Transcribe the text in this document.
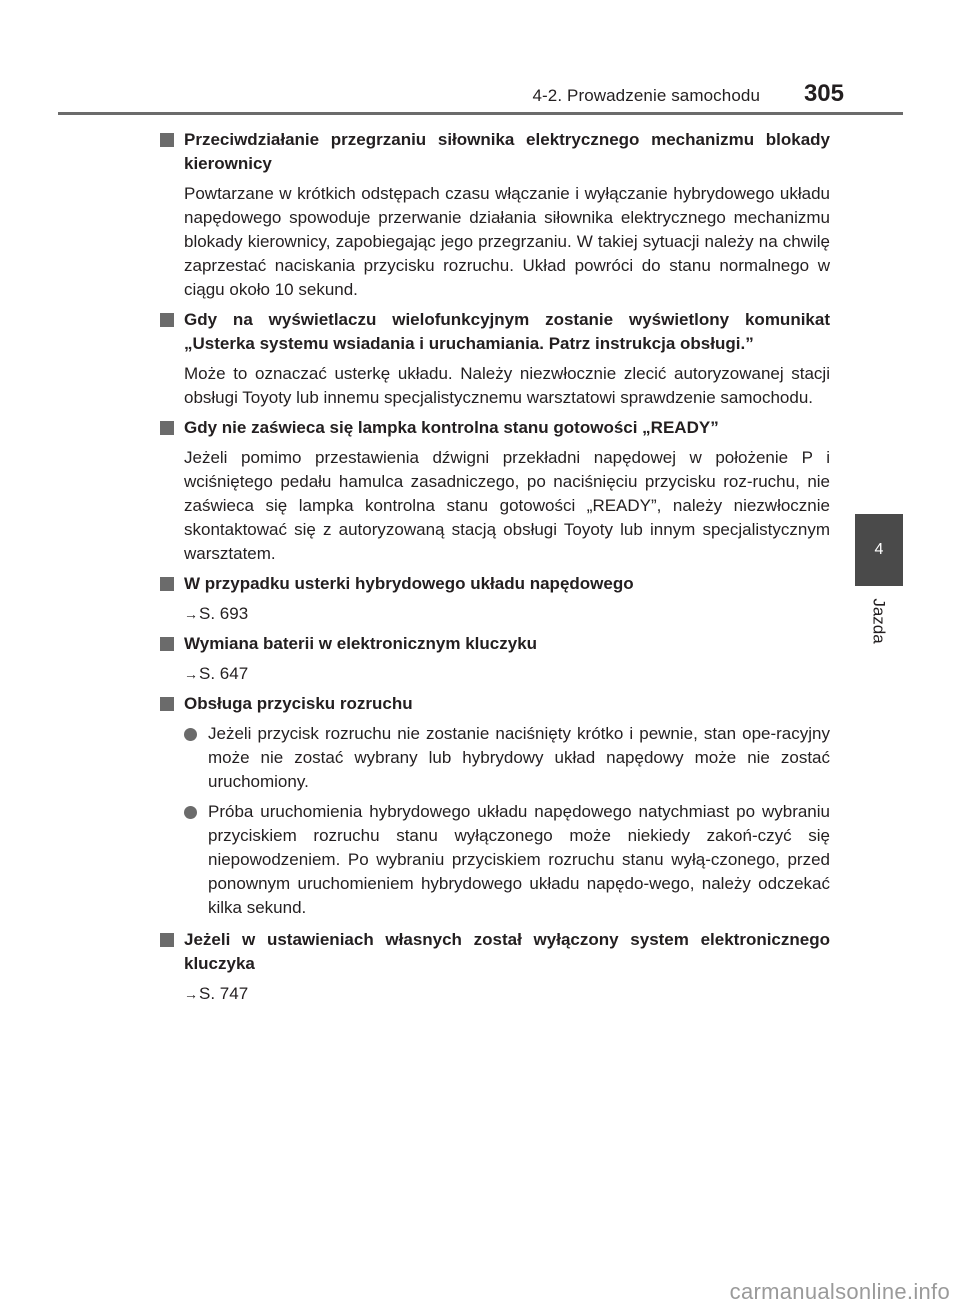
4-2. Prowadzenie samochodu 305
4
Jazda
Przeciwdziałanie przegrzaniu siłownika elektrycznego mechanizmu blokady kierownicy
Powtarzane w krótkich odstępach czasu włączanie i wyłączanie hybrydowego układu napędowego spowoduje przerwanie działania siłownika elektrycznego mechanizmu blokady kierownicy, zapobiegając jego przegrzaniu. W takiej sytuacji należy na chwilę zaprzestać naciskania przycisku rozruchu. Układ powróci do stanu normalnego w ciągu około 10 sekund.
Gdy na wyświetlaczu wielofunkcyjnym zostanie wyświetlony komunikat „Usterka systemu wsiadania i uruchamiania. Patrz instrukcja obsługi.”
Może to oznaczać usterkę układu. Należy niezwłocznie zlecić autoryzowanej stacji obsługi Toyoty lub innemu specjalistycznemu warsztatowi sprawdzenie samochodu.
Gdy nie zaświeca się lampka kontrolna stanu gotowości „READY”
Jeżeli pomimo przestawienia dźwigni przekładni napędowej w położenie P i wciśniętego pedału hamulca zasadniczego, po naciśnięciu przycisku roz-ruchu, nie zaświeca się lampka kontrolna stanu gotowości „READY”, należy niezwłocznie skontaktować się z autoryzowaną stacją obsługi Toyoty lub innym specjalistycznym warsztatem.
W przypadku usterki hybrydowego układu napędowego
→S. 693
Wymiana baterii w elektronicznym kluczyku
→S. 647
Obsługa przycisku rozruchu
Jeżeli przycisk rozruchu nie zostanie naciśnięty krótko i pewnie, stan ope-racyjny może nie zostać wybrany lub hybrydowy układ napędowy może nie zostać uruchomiony.
Próba uruchomienia hybrydowego układu napędowego natychmiast po wybraniu przyciskiem rozruchu stanu wyłączonego może niekiedy zakoń-czyć się niepowodzeniem. Po wybraniu przyciskiem rozruchu stanu wyłą-czonego, przed ponownym uruchomieniem hybrydowego układu napędo-wego, należy odczekać kilka sekund.
Jeżeli w ustawieniach własnych został wyłączony system elektronicznego kluczyka
→S. 747
carmanualsonline.info
